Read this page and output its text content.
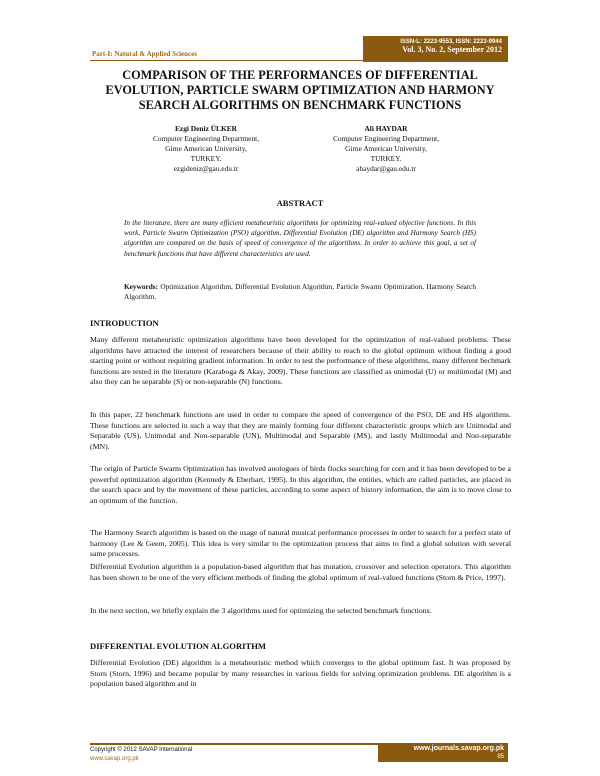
Part-I: Natural & Applied Sciences
ISSN-L: 2223-9553, ISSN: 2223-9944
Vol. 3, No. 2, September 2012
COMPARISON OF THE PERFORMANCES OF DIFFERENTIAL EVOLUTION, PARTICLE SWARM OPTIMIZATION AND HARMONY SEARCH ALGORITHMS ON BENCHMARK FUNCTIONS
Ezgi Deniz ÜLKER
Computer Engineering Department,
Girne American University,
TURKEY.
ezgideniz@gau.edu.tr
Ali HAYDAR
Computer Engineering Department,
Girne American University,
TURKEY.
ahaydar@gau.edu.tr
ABSTRACT
In the literature, there are many efficient metaheuristic algorithms for optimizing real-valued objective functions. In this work, Particle Swarm Optimization (PSO) algorithm, Differential Evolution (DE) algorithm and Harmony Search (HS) algorithm are compared on the basis of speed of convergence of the algorithms. In order to achieve this goal, a set of benchmark functions that have different characteristics are used.
Keywords: Optimization Algorithm, Differential Evolution Algorithm, Particle Swarm Optimization, Harmony Search Algorithm.
INTRODUCTION
Many different metaheuristic optimization algorithms have been developed for the optimization of real-valued problems. These algorithms have attracted the interest of researchers because of their ability to reach to the global optimum without finding a good starting point or without requiring gradient information. In order to test the performance of these algorithms, many different bechmark functions are tested in the literature (Karaboga & Akay, 2009). These functions are classified as unimodal (U) or multimodal (M) and also they can be separable (S) or non-separable (N) functions.
In this paper, 22 benchmark functions are used in order to compare the speed of convergence of the PSO, DE and HS algorithms. These functions are selected in such a way that they are mainly forming four different characteristic groups which are Unimodal and Separable (US), Unimodal and Non-separable (UN), Multimodal and Separable (MS), and lastly Multimodal and Non-separable (MN).
The origin of Particle Swarm Optimization has involved anologues of birds flocks searching for corn and it has been developed to be a powerful optimization algorithm (Kennedy & Eberhart, 1995). In this algorithm, the entities, which are called particles, are placed in the search space and by the movement of these particles, according to some aspect of history information, the aim is to move close to an optimum of the function.
The Harmony Search algorithm is based on the usage of natural musical performance processes in order to search for a perfect state of harmony (Lee & Geem, 2005). This idea is very similar to the optimization process that aims to find a global solution with several same processes.
Differential Evolution algorithm is a population-based algorithm that has mutation, crossover and selection operators. This algorithm has been shown to be one of the very efficient methods of finding the global optimum of real-valued functions (Storn & Price, 1997).
In the next section, we briefly explain the 3 algorithms used for optimizing the selected benchmark functions.
DIFFERENTIAL EVOLUTION ALGORITHM
Differential Evolution (DE) algorithm is a metaheuristic method which converges to the global optimum fast. It was proposed by Storn (Storn, 1996) and became popular by many researches in various fields for solving optimization problems. DE algorithm is a population based algorithm and in
Copyright © 2012 SAVAP International
www.savap.org.pk
www.journals.savap.org.pk
85
